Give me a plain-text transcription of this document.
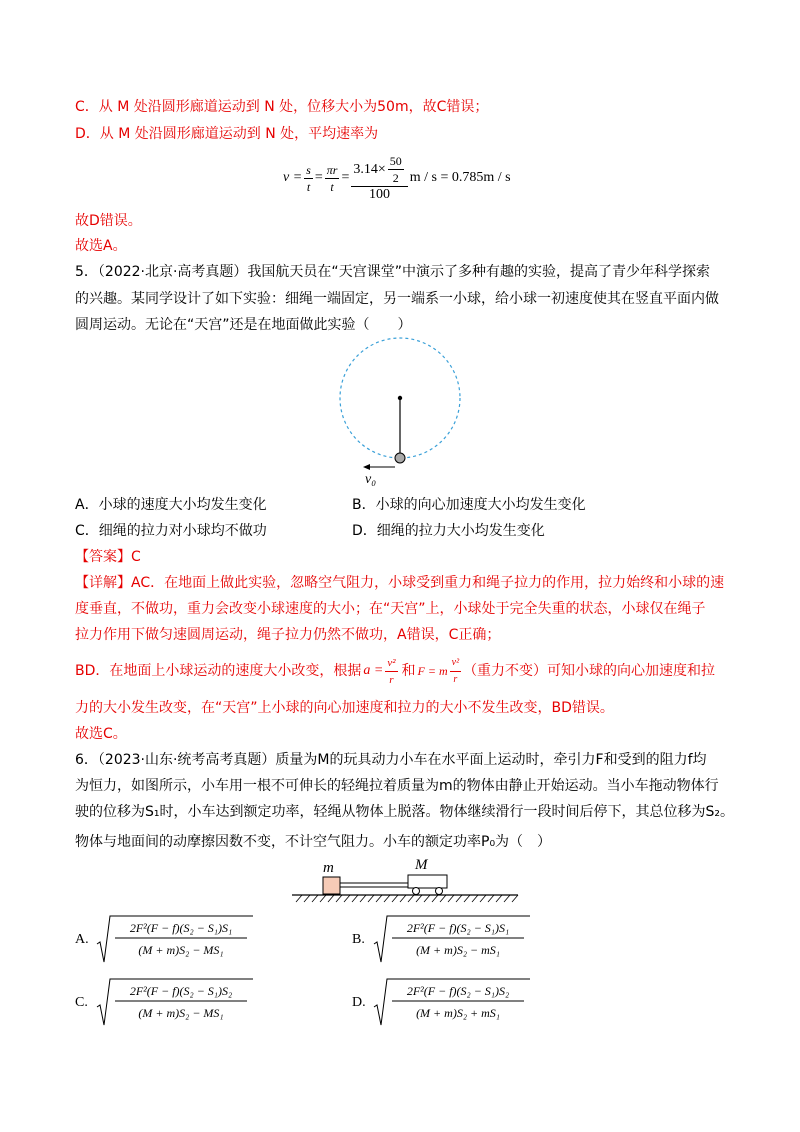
C．从 M 处沿圆形廊道运动到 N 处，位移大小为50m，故C错误；
D．从 M 处沿圆形廊道运动到 N 处，平均速率为
$v = \frac{s}{t} = \frac{\pi r}{t} = \frac{3.14\times \frac{50}{2}}{100}$ m / s = 0.785m / s
故D错误。
故选A。
5．（2022·北京·高考真题）我国航天员在“天宫课堂”中演示了多种有趣的实验，提高了青少年科学探索
的兴趣。某同学设计了如下实验：细绳一端固定，另一端系一小球，给小球一初速度使其在竖直平面内做
圆周运动。无论在“天宫”还是在地面做此实验（　　）
v₀
A．小球的速度大小均发生变化	B．小球的向心加速度大小均发生变化
C．细绳的拉力对小球均不做功	D．细绳的拉力大小均发生变化
【答案】C
【详解】AC．在地面上做此实验，忽略空气阻力，小球受到重力和绳子拉力的作用，拉力始终和小球的速
度垂直，不做功，重力会改变小球速度的大小；在“天宫”上，小球处于完全失重的状态，小球仅在绳子
拉力作用下做匀速圆周运动，绳子拉力仍然不做功，A错误，C正确；
BD．在地面上小球运动的速度大小改变，根据 $a = \frac{\text{v²}}{r}$ 和 F = m $\frac{\text{v²}}{r}$ （重力不变）可知小球的向心加速度和拉
力的大小发生改变，在“天宫”上小球的向心加速度和拉力的大小不发生改变，BD错误。
故选C。
6．（2023·山东·统考高考真题）质量为M的玩具动力小车在水平面上运动时，牵引力F和受到的阻力f均
为恒力，如图所示，小车用一根不可伸长的轻绳拉着质量为m的物体由静止开始运动。当小车拖动物体行
驶的位移为S₁时，小车达到额定功率，轻绳从物体上脱落。物体继续滑行一段时间后停下，其总位移为S₂。
物体与地面间的动摩擦因数不变，不计空气阻力。小车的额定功率P₀为（　）
m	M
A.
2F²(F − f)(S₂ − S₁)S₁
(M + m)S₂ − MS₁
B.
2F²(F − f)(S₂ − S₁)S₁
(M + m)S₂ − mS₁
C.
2F²(F − f)(S₂ − S₁)S₂
(M + m)S₂ − MS₁
D.
2F²(F − f)(S₂ − S₁)S₂
(M + m)S₂ + mS₁
